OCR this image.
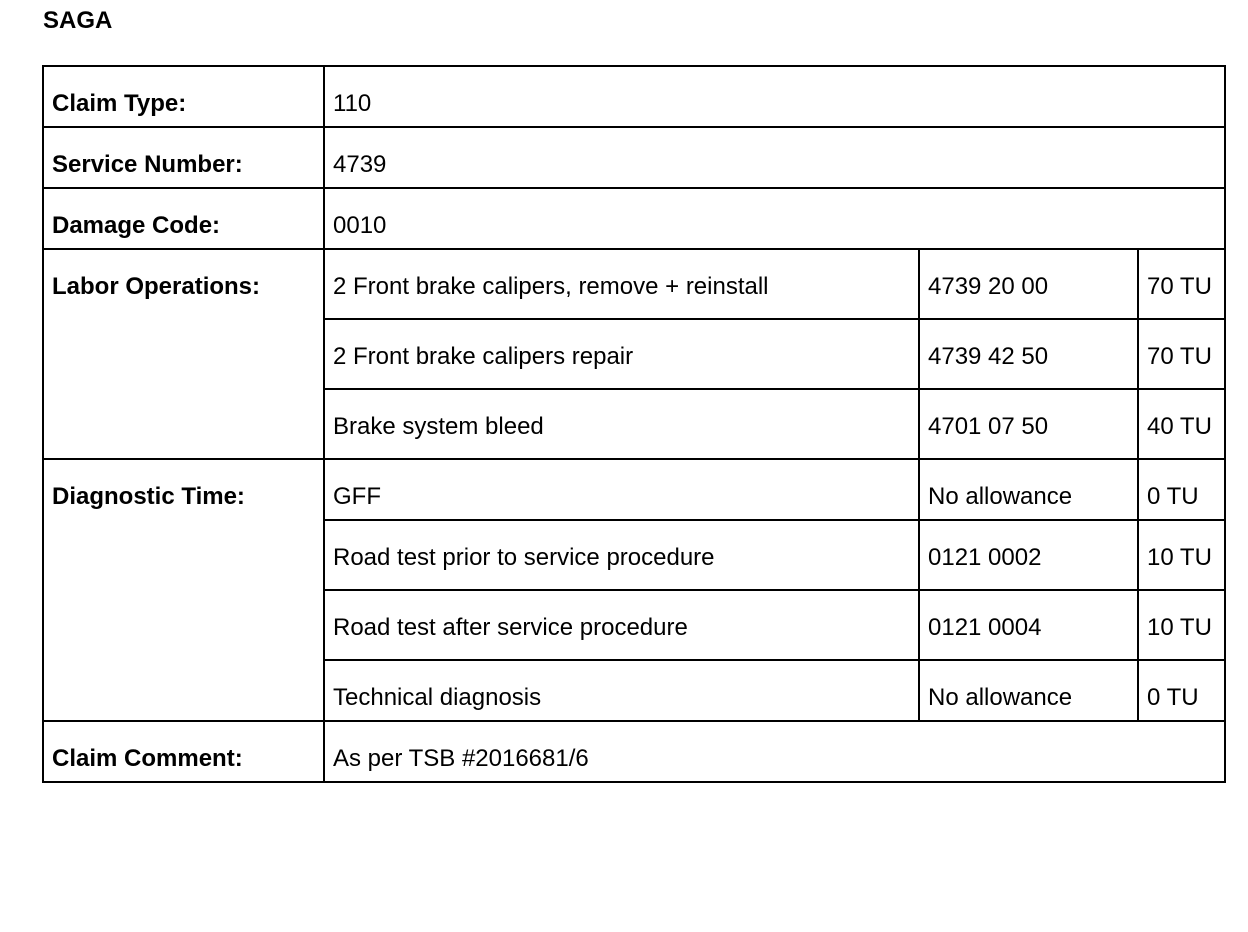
SAGA
Claim Type:	110		
Service Number:	4739		
Damage Code:	0010		
Labor Operations:	2 Front brake calipers, remove + reinstall	4739 20 00	70 TU
	2 Front brake calipers repair	4739 42 50	70 TU
	Brake system bleed	4701 07 50	40 TU
Diagnostic Time:	GFF	No allowance	0 TU
	Road test prior to service procedure	0121 0002	10 TU
	Road test after service procedure	0121 0004	10 TU
	Technical diagnosis	No allowance	0 TU
Claim Comment:	As per TSB #2016681/6		
